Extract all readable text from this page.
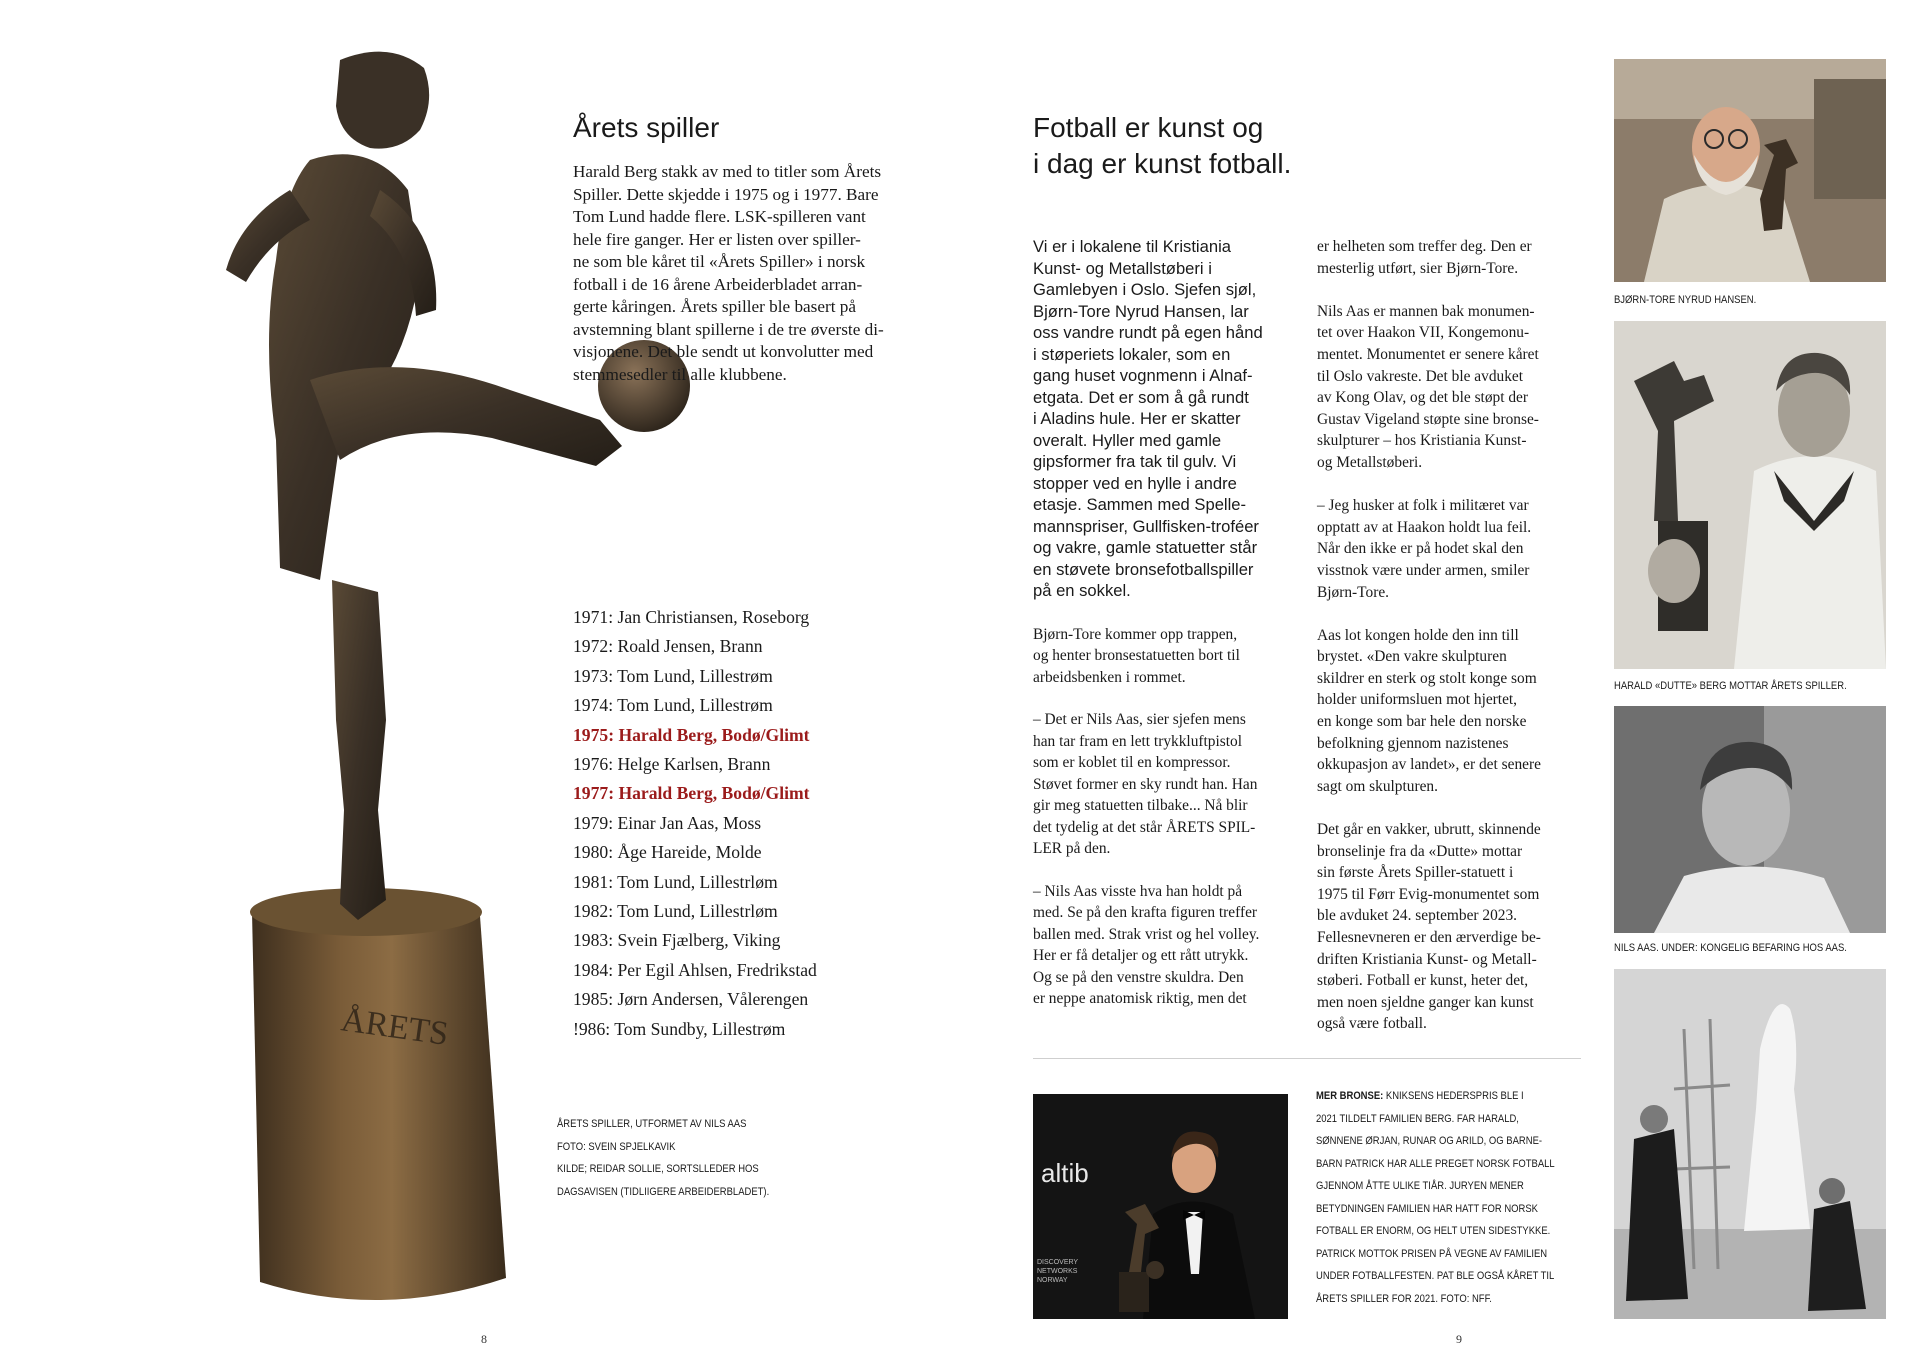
ÅRETS
Årets spiller

Harald Berg stakk av med to titler som Årets

Spiller. Dette skjedde i 1975 og i 1977. Bare

Tom Lund hadde flere. LSK-spilleren vant

hele fire ganger. Her er listen over spiller-

ne som ble kåret til «Årets Spiller» i norsk

fotball i de 16 årene Arbeiderbladet arran-

gerte kåringen. Årets spiller ble basert på

avstemning blant spillerne i de tre øverste di-

visjonene. Det ble sendt ut konvolutter med

stemmesedler til alle klubbene.

1971: Jan Christiansen, Roseborg
1972: Roald Jensen, Brann
1973: Tom Lund, Lillestrøm
1974: Tom Lund, Lillestrøm
1975: Harald Berg, Bodø/Glimt
1976: Helge Karlsen, Brann
1977: Harald Berg, Bodø/Glimt
1979: Einar Jan Aas, Moss
1980: Åge Hareide, Molde
1981: Tom Lund, Lillestrløm
1982: Tom Lund, Lillestrløm
1983: Svein Fjælberg, Viking
1984: Per Egil Ahlsen, Fredrikstad
1985: Jørn Andersen, Vålerengen
!986: Tom Sundby, Lillestrøm

ÅRETS SPILLER, UTFORMET AV NILS AAS

FOTO: SVEIN SPJELKAVIK

KILDE; REIDAR SOLLIE, SORTSLLEDER HOS

DAGSAVISEN (TIDLIIGERE ARBEIDERBLADET).

8
Fotball er kunst og
i dag er kunst fotball.

Vi er i lokalene til Kristiania
Kunst- og Metallstøberi i
Gamlebyen i Oslo. Sjefen sjøl,
Bjørn-Tore Nyrud Hansen, lar
oss vandre rundt på egen hånd
i støperiets lokaler, som en
gang huset vognmenn i Alnaf-
etgata. Det er som å gå rundt
i Aladins hule. Her er skatter
overalt. Hyller med gamle
gipsformer fra tak til gulv. Vi
stopper ved en hylle i andre
etasje. Sammen med Spelle-
mannspriser, Gullfisken-troféer
og vakre, gamle statuetter står
en støvete bronsefotballspiller
på en sokkel.

Bjørn-Tore kommer opp trappen,
og henter bronsestatuetten bort til
arbeidsbenken i rommet.

– Det er Nils Aas, sier sjefen mens
han tar fram en lett trykkluftpistol
som er koblet til en kompressor.
Støvet former en sky rundt han. Han
gir meg statuetten tilbake... Nå blir
det tydelig at det står ÅRETS SPIL-
LER på den.

– Nils Aas visste hva han holdt på
med. Se på den krafta figuren treffer
ballen med. Strak vrist og hel volley.
Her er få detaljer og ett rått utrykk.
Og se på den venstre skuldra. Den
er neppe anatomisk riktig, men det

er helheten som treffer deg. Den er
mesterlig utført, sier Bjørn-Tore.

Nils Aas er mannen bak monumen-
tet over Haakon VII, Kongemonu-
mentet. Monumentet er senere kåret
til Oslo vakreste. Det ble avduket
av Kong Olav, og det ble støpt der
Gustav Vigeland støpte sine bronse-
skulpturer – hos Kristiania Kunst-
og Metallstøberi.

– Jeg husker at folk i militæret var
opptatt av at Haakon holdt lua feil.
Når den ikke er på hodet skal den
visstnok være under armen, smiler
Bjørn-Tore.

Aas lot kongen holde den inn till
brystet. «Den vakre skulpturen
skildrer en sterk og stolt konge som
holder uniformsluen mot hjertet,
en konge som bar hele den norske
befolkning gjennom nazistenes
okkupasjon av landet», er det senere
sagt om skulpturen.

Det går en vakker, ubrutt, skinnende
bronselinje fra da «Dutte» mottar
sin første Årets Spiller-statuett i
1975 til Førr Evig-monumentet som
ble avduket 24. september 2023.
Fellesnevneren er den ærverdige be-
driften Kristiania Kunst- og Metall-
støberi. Fotball er kunst, heter det,
men noen sjeldne ganger kan kunst
også være fotball.

altib
DISCOVERY
NETWORKS
NORWAY

MER BRONSE: KNIKSENS HEDERSPRIS BLE I

2021 TILDELT FAMILIEN BERG. FAR HARALD,

SØNNENE ØRJAN, RUNAR OG ARILD, OG BARNE-

BARN PATRICK HAR ALLE PREGET NORSK FOTBALL

GJENNOM ÅTTE ULIKE TIÅR. JURYEN MENER

BETYDNINGEN FAMILIEN HAR HATT FOR NORSK

FOTBALL ER ENORM, OG HELT UTEN SIDESTYKKE.

PATRICK MOTTOK PRISEN PÅ VEGNE AV FAMILIEN

UNDER FOTBALLFESTEN. PAT BLE OGSÅ KÅRET TIL

ÅRETS SPILLER FOR 2021. FOTO: NFF.

9
BJØRN-TORE NYRUD HANSEN.
HARALD «DUTTE» BERG MOTTAR ÅRETS SPILLER.
NILS AAS. UNDER: KONGELIG BEFARING HOS AAS.
